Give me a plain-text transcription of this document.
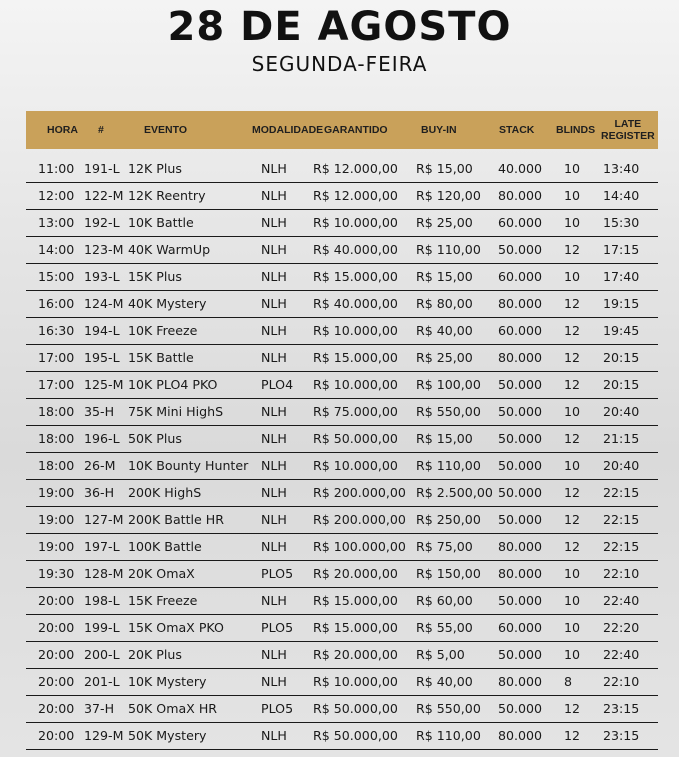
28 DE AGOSTO
SEGUNDA-FEIRA
HORA #	EVENTO	MODALIDADE GARANTIDO	BUY-IN	STACK BLINDS LATE
REGISTER
11:00 191-L 12K Plus	NLH R$ 12.000,00 R$ 15,00 40.000 10 13:40
12:00 122-M 12K Reentry	NLH R$ 12.000,00 R$ 120,00 80.000 10 14:40
13:00 192-L 10K Battle	NLH R$ 10.000,00 R$ 25,00 60.000 10 15:30
14:00 123-M 40K WarmUp	NLH R$ 40.000,00 R$ 110,00 50.000 12 17:15
15:00 193-L 15K Plus	NLH R$ 15.000,00 R$ 15,00 60.000 10 17:40
16:00 124-M 40K Mystery	NLH R$ 40.000,00 R$ 80,00 80.000 12 19:15
16:30 194-L 10K Freeze	NLH R$ 10.000,00 R$ 40,00 60.000 12 19:45
17:00 195-L 15K Battle	NLH R$ 15.000,00 R$ 25,00 80.000 12 20:15
17:00 125-M 10K PLO4 PKO	PLO4 R$ 10.000,00 R$ 100,00 50.000 12 20:15
18:00 35-H 75K Mini HighS	NLH R$ 75.000,00 R$ 550,00 50.000 10 20:40
18:00 196-L 50K Plus	NLH R$ 50.000,00 R$ 15,00 50.000 12 21:15
18:00 26-M 10K Bounty Hunter NLH R$ 10.000,00 R$ 110,00 50.000 10 20:40
19:00 36-H 200K HighS	NLH R$ 200.000,00 R$ 2.500,00 50.000 12 22:15
19:00 127-M 200K Battle HR	NLH R$ 200.000,00 R$ 250,00 50.000 12 22:15
19:00 197-L 100K Battle	NLH R$ 100.000,00 R$ 75,00 80.000 12 22:15
19:30 128-M 20K OmaX	PLO5 R$ 20.000,00 R$ 150,00 80.000 10 22:10
20:00 198-L 15K Freeze	NLH R$ 15.000,00 R$ 60,00 50.000 10 22:40
20:00 199-L 15K OmaX PKO	PLO5 R$ 15.000,00 R$ 55,00 60.000 10 22:20
20:00 200-L 20K Plus	NLH R$ 20.000,00 R$ 5,00	50.000 10 22:40
20:00 201-L 10K Mystery	NLH R$ 10.000,00 R$ 40,00 80.000 8 22:10
20:00 37-H 50K OmaX HR	PLO5 R$ 50.000,00 R$ 550,00 50.000 12 23:15
20:00 129-M 50K Mystery	NLH R$ 50.000,00 R$ 110,00 80.000 12 23:15
